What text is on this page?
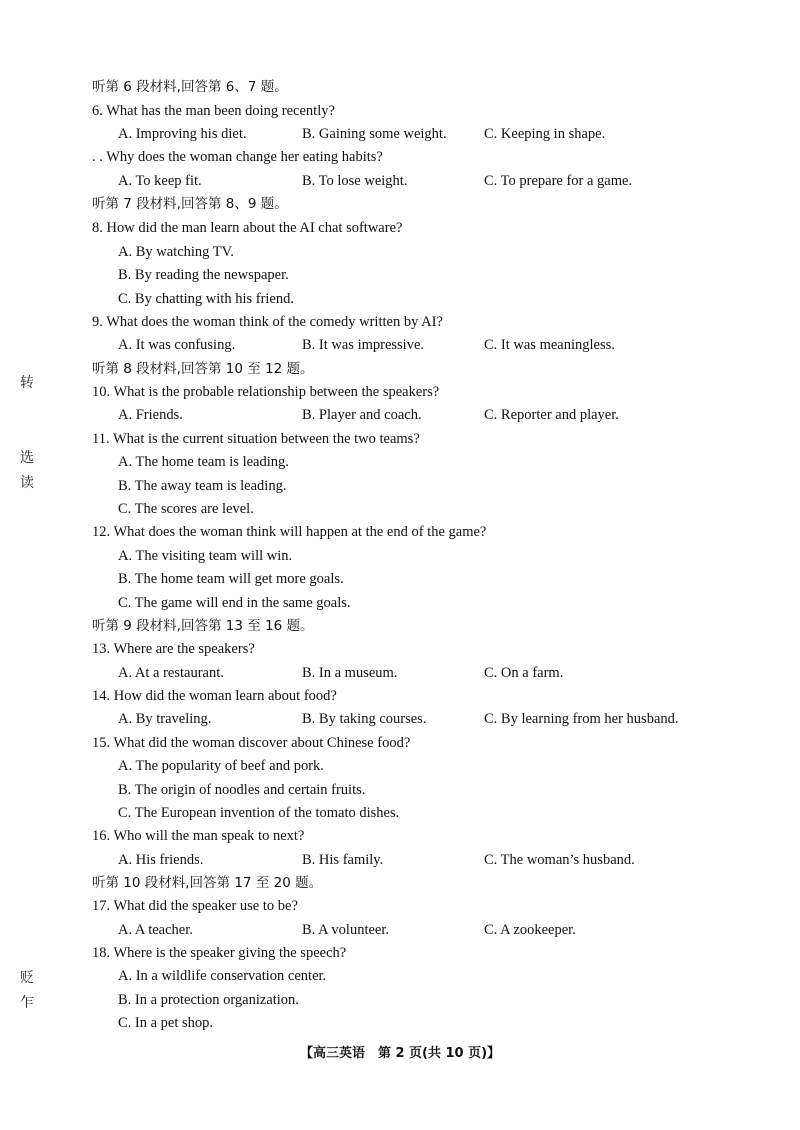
听第 6 段材料,回答第 6、7 题。
6. What has the man been doing recently?
A. Improving his diet.	B. Gaining some weight.	C. Keeping in shape.
. . Why does the woman change her eating habits?
A. To keep fit.	B. To lose weight.	C. To prepare for a game.
听第 7 段材料,回答第 8、9 题。
8. How did the man learn about the AI chat software?
A. By watching TV.
B. By reading the newspaper.
C. By chatting with his friend.
9. What does the woman think of the comedy written by AI?
A. It was confusing.	B. It was impressive.	C. It was meaningless.
听第 8 段材料,回答第 10 至 12 题。
10. What is the probable relationship between the speakers?
A. Friends.	B. Player and coach.	C. Reporter and player.
11. What is the current situation between the two teams?
A. The home team is leading.
B. The away team is leading.
C. The scores are level.
12. What does the woman think will happen at the end of the game?
A. The visiting team will win.
B. The home team will get more goals.
C. The game will end in the same goals.
听第 9 段材料,回答第 13 至 16 题。
13. Where are the speakers?
A. At a restaurant.	B. In a museum.	C. On a farm.
14. How did the woman learn about food?
A. By traveling.	B. By taking courses.	C. By learning from her husband.
15. What did the woman discover about Chinese food?
A. The popularity of beef and pork.
B. The origin of noodles and certain fruits.
C. The European invention of the tomato dishes.
16. Who will the man speak to next?
A. His friends.	B. His family.	C. The woman’s husband.
听第 10 段材料,回答第 17 至 20 题。
17. What did the speaker use to be?
A. A teacher.	B. A volunteer.	C. A zookeeper.
18. Where is the speaker giving the speech?
A. In a wildlife conservation center.
B. In a protection organization.
C. In a pet shop.
转
选
读
贬
乍
【高三英语　第 2 页(共 10 页)】
